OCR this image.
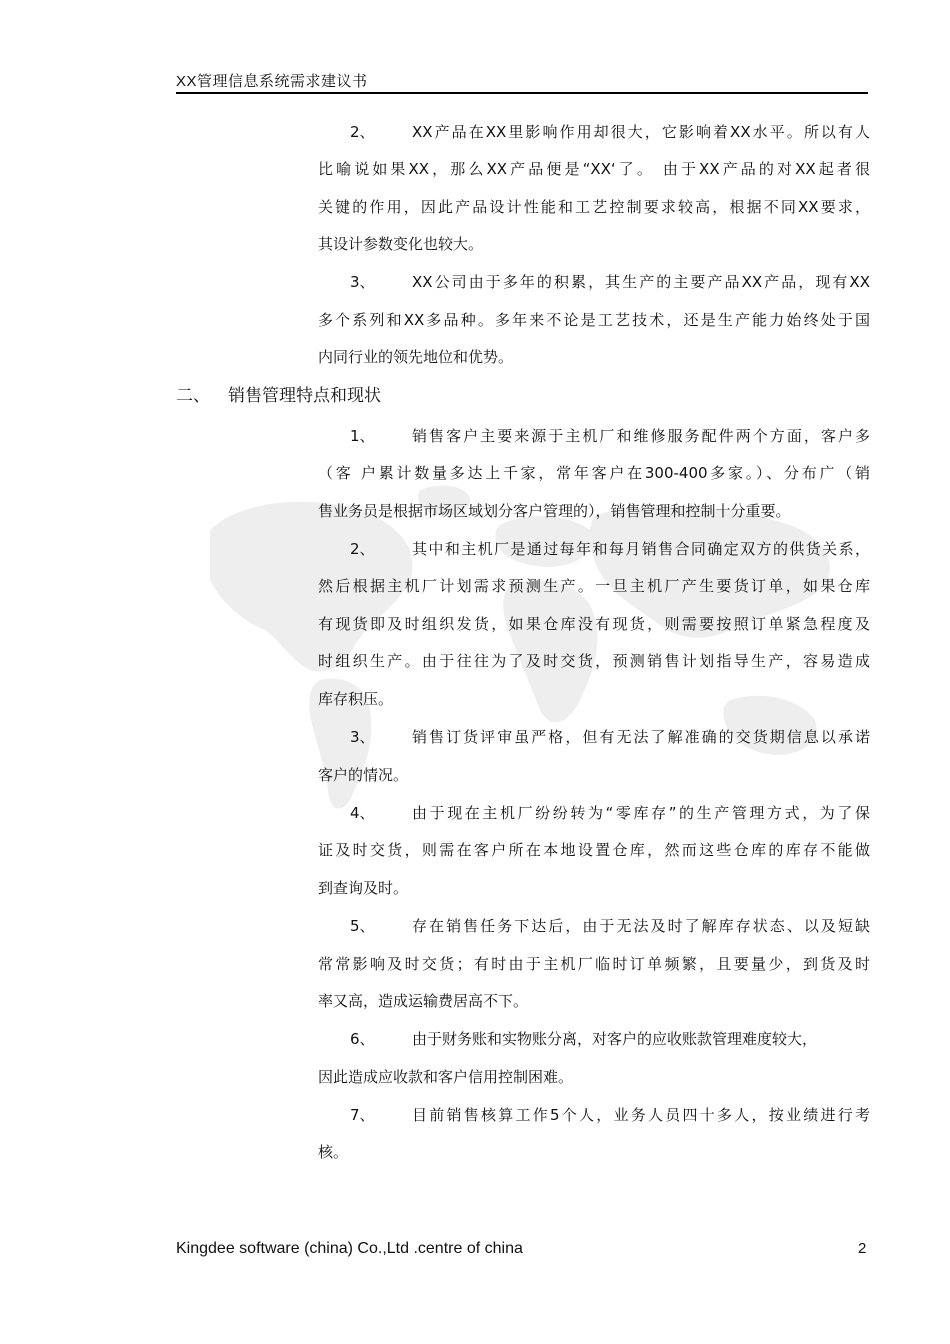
XX管理信息系统需求建议书
2、 XX产品在XX里影响作用却很大，它影响着XX水平。所以有人
比喻说如果XX，那么XX产品便是“XX‘了。 由于XX产品的对XX起者很
关键的作用，因此产品设计性能和工艺控制要求较高，根据不同XX要求，
其设计参数变化也较大。
3、 XX公司由于多年的积累，其生产的主要产品XX产品，现有XX
多个系列和XX多品种。多年来不论是工艺技术，还是生产能力始终处于国
内同行业的领先地位和优势。
二、 销售管理特点和现状
1、 销售客户主要来源于主机厂和维修服务配件两个方面，客户多
（客 户累计数量多达上千家，常年客户在300-400多家。）、分布广（销
售业务员是根据市场区域划分客户管理的），销售管理和控制十分重要。
2、 其中和主机厂是通过每年和每月销售合同确定双方的供货关系，
然后根据主机厂计划需求预测生产。一旦主机厂产生要货订单，如果仓库
有现货即及时组织发货，如果仓库没有现货，则需要按照订单紧急程度及
时组织生产。由于往往为了及时交货，预测销售计划指导生产，容易造成
库存积压。
3、 销售订货评审虽严格，但有无法了解准确的交货期信息以承诺
客户的情况。
4、 由于现在主机厂纷纷转为“零库存”的生产管理方式，为了保
证及时交货，则需在客户所在本地设置仓库，然而这些仓库的库存不能做
到查询及时。
5、 存在销售任务下达后，由于无法及时了解库存状态、以及短缺
常常影响及时交货；有时由于主机厂临时订单频繁，且要量少，到货及时
率又高，造成运输费居高不下。
6、 由于财务账和实物账分离，对客户的应收账款管理难度较大，
因此造成应收款和客户信用控制困难。
7、 目前销售核算工作5个人，业务人员四十多人，按业绩进行考
核。
Kingdee software (china) Co.,Ltd .centre of china	2
